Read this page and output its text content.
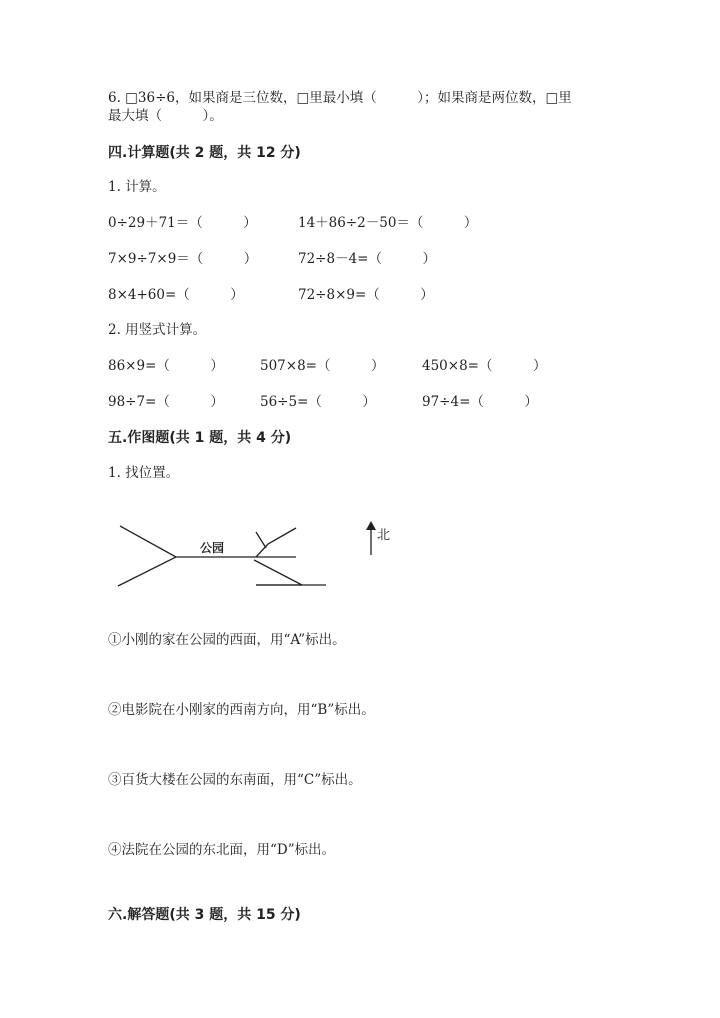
6. □36÷6，如果商是三位数，□里最小填（　　　）；如果商是两位数，□里
最大填（　　　）。
四.计算题(共 2 题，共 12 分)
1. 计算。
0÷29＋71＝（　　　）	14＋86÷2－50＝（　　　）
7×9÷7×9＝（　　　）	72÷8－4=（　　　）
8×4+60=（　　　）	72÷8×9=（　　　）
2. 用竖式计算。
86×9=（　　　）	507×8=（　　　）	450×8=（　　　）
98÷7=（　　　）	56÷5=（　　　）	97÷4=（　　　）
五.作图题(共 1 题，共 4 分)
1. 找位置。
公园
北
①小刚的家在公园的西面，用“A”标出。
②电影院在小刚家的西南方向，用“B”标出。
③百货大楼在公园的东南面，用“C”标出。
④法院在公园的东北面，用“D”标出。
六.解答题(共 3 题，共 15 分)
